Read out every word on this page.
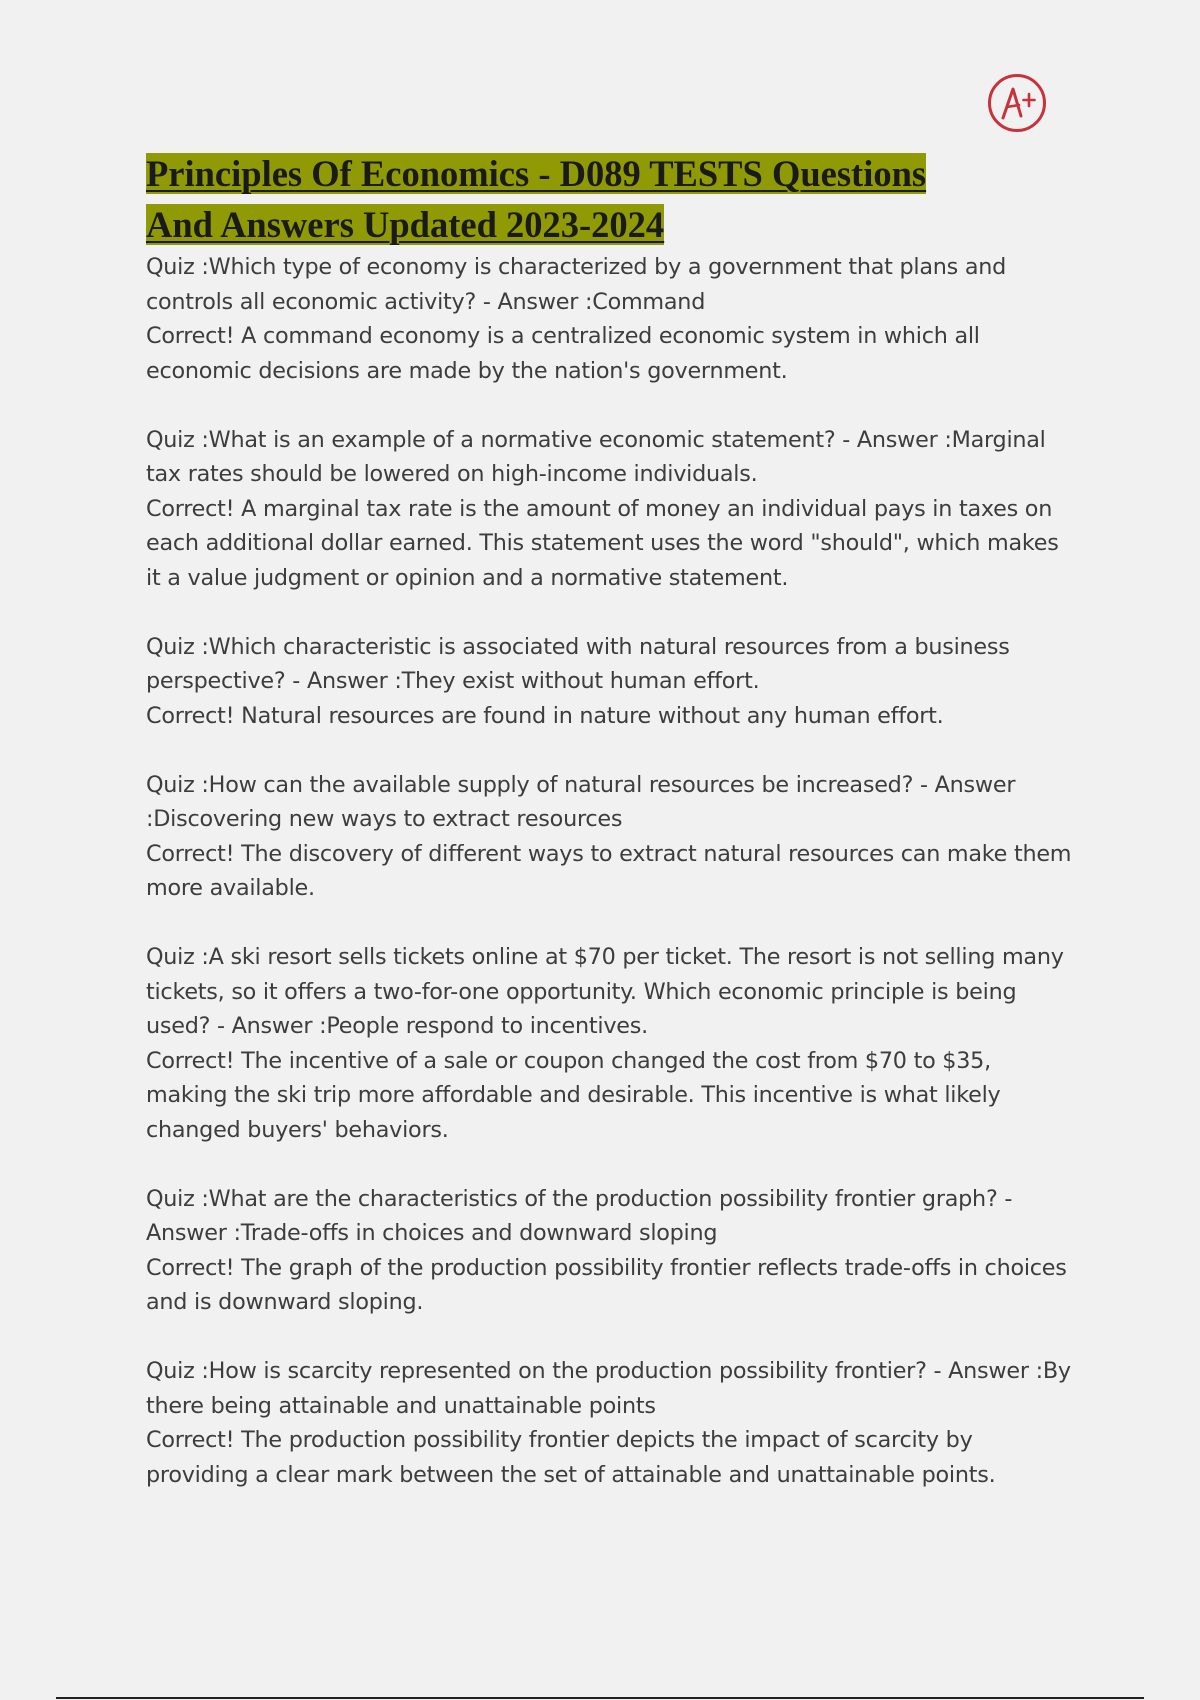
Principles Of Economics - D089 TESTS Questions
And Answers Updated 2023-2024

Quiz :Which type of economy is characterized by a government that plans and controls all economic activity? - Answer :Command

Correct! A command economy is a centralized economic system in which all economic decisions are made by the nation's government.

Quiz :What is an example of a normative economic statement? - Answer :Marginal tax rates should be lowered on high-income individuals.

Correct! A marginal tax rate is the amount of money an individual pays in taxes on each additional dollar earned. This statement uses the word "should", which makes it a value judgment or opinion and a normative statement.

Quiz :Which characteristic is associated with natural resources from a business perspective? - Answer :They exist without human effort.

Correct! Natural resources are found in nature without any human effort.

Quiz :How can the available supply of natural resources be increased? - Answer :Discovering new ways to extract resources

Correct! The discovery of different ways to extract natural resources can make them more available.

Quiz :A ski resort sells tickets online at $70 per ticket. The resort is not selling many tickets, so it offers a two-for-one opportunity. Which economic principle is being used? - Answer :People respond to incentives.

Correct! The incentive of a sale or coupon changed the cost from $70 to $35, making the ski trip more affordable and desirable. This incentive is what likely changed buyers' behaviors.

Quiz :What are the characteristics of the production possibility frontier graph? - Answer :Trade-offs in choices and downward sloping

Correct! The graph of the production possibility frontier reflects trade-offs in choices and is downward sloping.

Quiz :How is scarcity represented on the production possibility frontier? - Answer :By there being attainable and unattainable points

Correct! The production possibility frontier depicts the impact of scarcity by providing a clear mark between the set of attainable and unattainable points.
